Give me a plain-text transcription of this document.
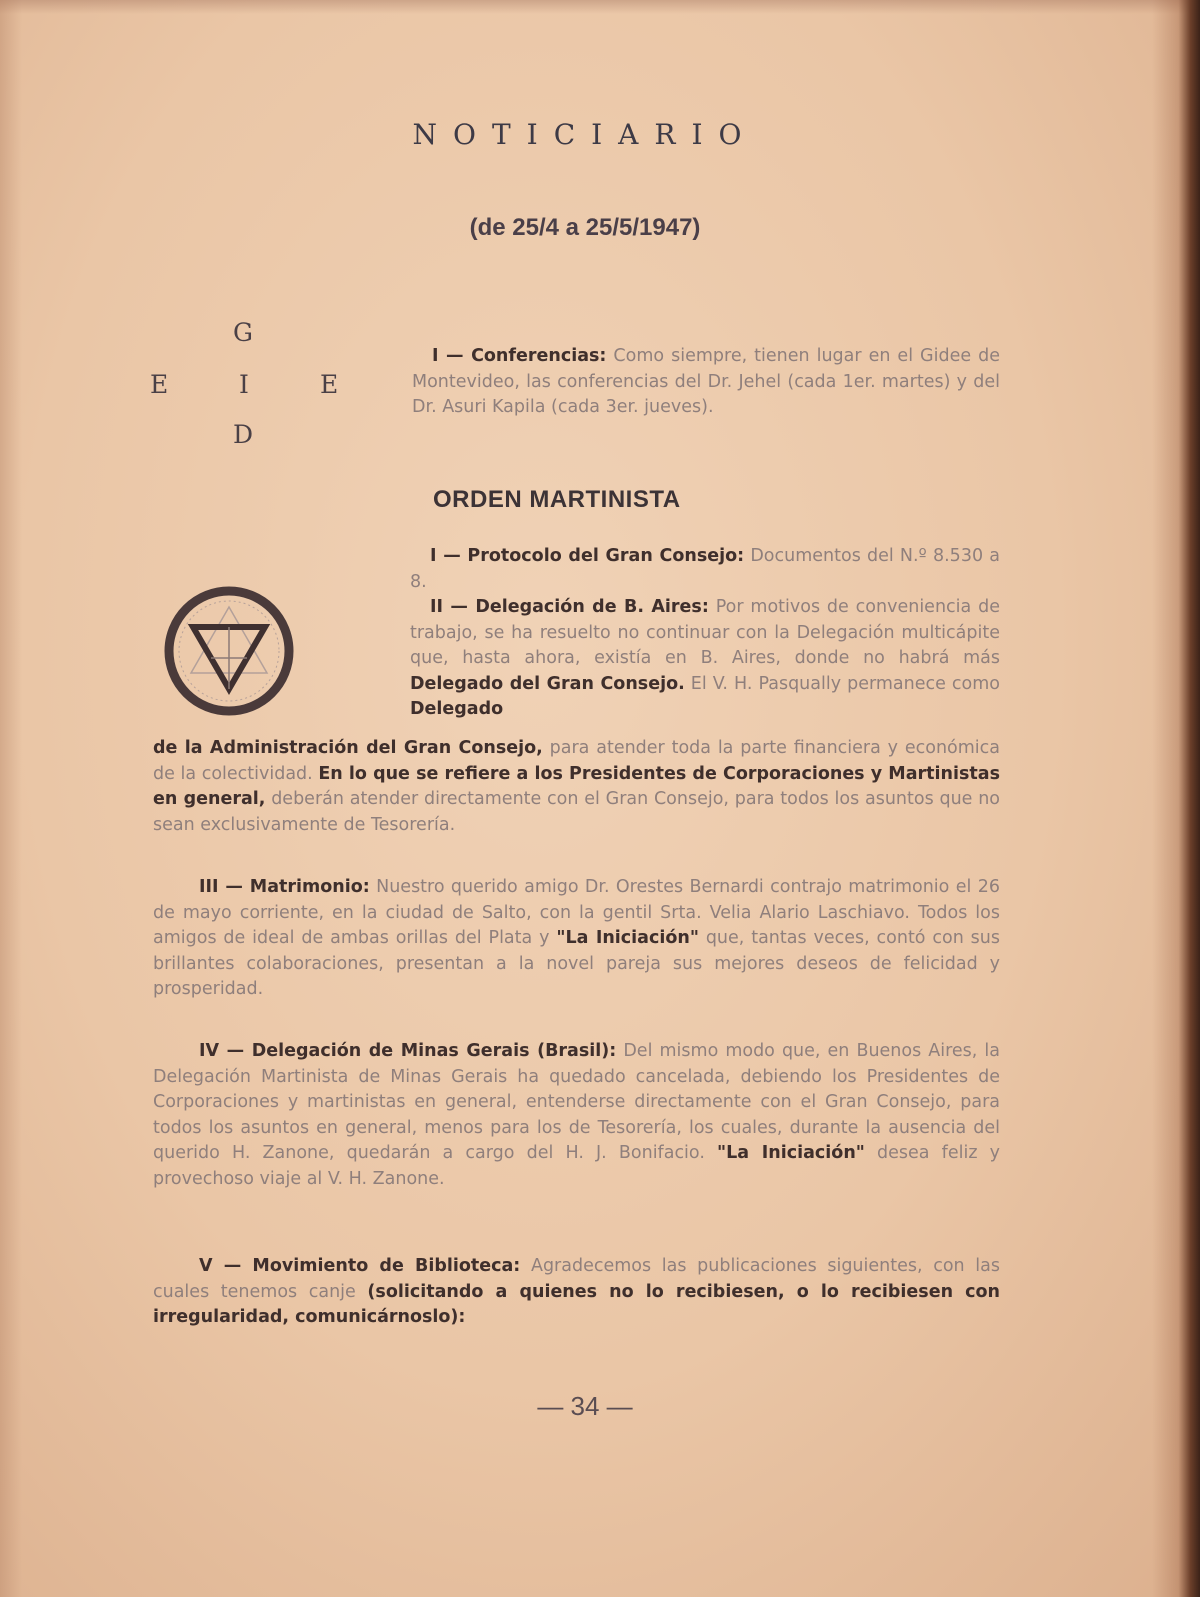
NOTICIARIO
(de 25/4 a 25/5/1947)
G
E	I	E
D
I — Conferencias: Como siempre, tienen lugar en el Gidee de Montevideo, las conferencias del Dr. Jehel (cada 1er. martes) y del Dr. Asuri Kapila (cada 3er. jueves).
ORDEN MARTINISTA
I — Protocolo del Gran Consejo: Documentos del N.º 8.530 a 8.
II — Delegación de B. Aires: Por motivos de conveniencia de trabajo, se ha resuelto no continuar con la Delegación multicápite que, hasta ahora, existía en B. Aires, donde no habrá más Delegado del Gran Consejo. El V. H. Pasqually permanece como Delegado
de la Administración del Gran Consejo, para atender toda la parte financiera y económica de la colectividad. En lo que se refiere a los Presidentes de Corporaciones y Martinistas en general, deberán atender directamente con el Gran Consejo, para todos los asuntos que no sean exclusivamente de Tesorería.
III — Matrimonio: Nuestro querido amigo Dr. Orestes Bernardi contrajo matrimonio el 26 de mayo corriente, en la ciudad de Salto, con la gentil Srta. Velia Alario Laschiavo. Todos los amigos de ideal de ambas orillas del Plata y "La Iniciación" que, tantas veces, contó con sus brillantes colaboraciones, presentan a la novel pareja sus mejores deseos de felicidad y prosperidad.
IV — Delegación de Minas Gerais (Brasil): Del mismo modo que, en Buenos Aires, la Delegación Martinista de Minas Gerais ha quedado cancelada, debiendo los Presidentes de Corporaciones y martinistas en general, entenderse directamente con el Gran Consejo, para todos los asuntos en general, menos para los de Tesorería, los cuales, durante la ausencia del querido H. Zanone, quedarán a cargo del H. J. Bonifacio. "La Iniciación" desea feliz y provechoso viaje al V. H. Zanone.
V — Movimiento de Biblioteca: Agradecemos las publicaciones siguientes, con las cuales tenemos canje (solicitando a quienes no lo recibiesen, o lo recibiesen con irregularidad, comunicárnoslo):
— 34 —
